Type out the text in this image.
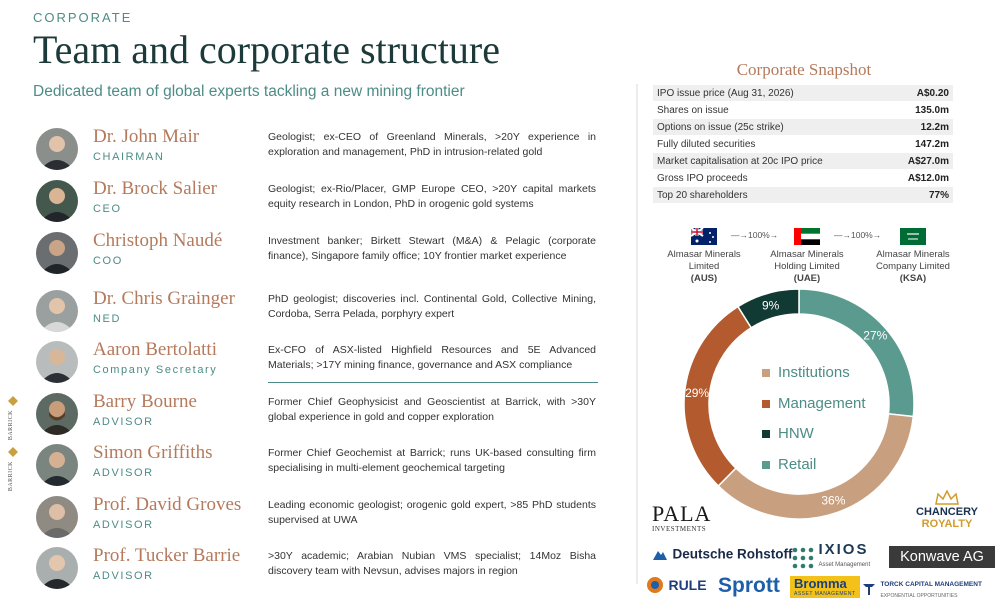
CORPORATE
Team and corporate structure
Dedicated team of global experts tackling a new mining frontier
Dr. John Mair
CHAIRMAN
Geologist; ex-CEO of Greenland Minerals, >20Y experience in exploration and management, PhD in intrusion-related gold
Dr. Brock Salier
CEO
Geologist; ex-Rio/Placer, GMP Europe CEO, >20Y capital markets equity research in London, PhD in orogenic gold systems
Christoph Naudé
COO
Investment banker; Birkett Stewart (M&A) & Pelagic (corporate finance), Singapore family office; 10Y frontier market experience
Dr. Chris Grainger
NED
PhD geologist; discoveries incl. Continental Gold, Collective Mining, Cordoba, Serra Pelada, porphyry expert
Aaron Bertolatti
Company Secretary
Ex-CFO of ASX-listed Highfield Resources and 5E Advanced Materials; >17Y mining finance, governance and ASX compliance
BARRICK
Barry Bourne
ADVISOR
Former Chief Geophysicist and Geoscientist at Barrick, with >30Y global experience in gold and copper exploration
BARRICK
Simon Griffiths
ADVISOR
Former Chief Geochemist at Barrick; runs UK-based consulting firm specialising in multi-element geochemical targeting
Prof. David Groves
ADVISOR
Leading economic geologist; orogenic gold expert, >85 PhD students supervised at UWA
Prof. Tucker Barrie
ADVISOR
>30Y academic; Arabian Nubian VMS specialist; 14Moz Bisha discovery team with Nevsun, advises majors in region
Corporate Snapshot
IPO issue price (Aug 31, 2026)	A$0.20
Shares on issue	135.0m
Options on issue (25c strike)	12.2m
Fully diluted securities	147.2m
Market capitalisation at 20c IPO price	A$27.0m
Gross IPO proceeds	A$12.0m
Top 20 shareholders	77%
Almasar Minerals
Limited
(AUS)
—→100%→
Almasar Minerals
Holding Limited
(UAE)
—→100%→
Almasar Minerals
Company Limited
(KSA)
27%
36%
29%
9%
Institutions
Management
HNW
Retail
PALA
INVESTMENTS
CHANCERY
ROYALTY
Deutsche Rohstoff	IXIOS
Asset Management	Konwave AG
RULE Sprott Bromma
ASSET MANAGEMENT
TORCK CAPITAL MANAGEMENT
EXPONENTIAL OPPORTUNITIES
